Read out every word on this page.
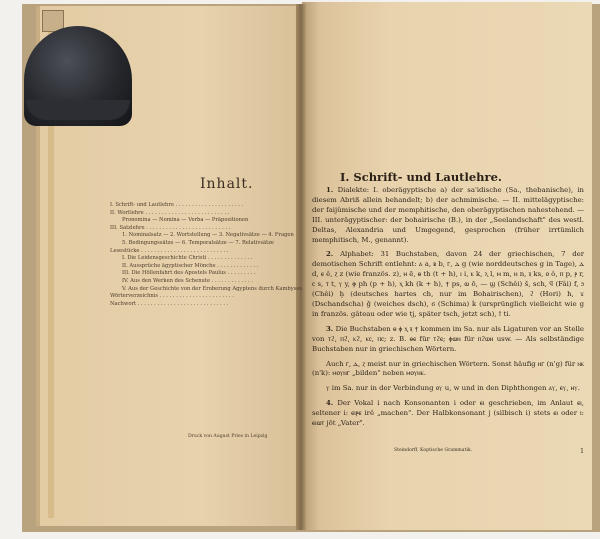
Inhalt.
I. Schrift- und Lautlehre . . . . . . . . . . . . . . . . . . . . .
II. Wortlehre . . . . . . . . . . . . . . . . . . . . . . . . . .
Pronomina — Nomina — Verba — Präpositionen
III. Satzlehre . . . . . . . . . . . . . . . . . . . . . . . . . .
1. Nominalsatz — 2. Wortstellung — 3. Negativsätze — 4. Fragen
5. Bedingungssätze — 6. Temporalsätze — 7. Relativsätze
Lesestücke . . . . . . . . . . . . . . . . . . . . . . . . . . .
I. Die Leidensgeschichte Christi . . . . . . . . . . . . . .
II. Aussprüche ägyptischer Mönche . . . . . . . . . . . . .
III. Die Höllenfahrt des Apostels Paulus . . . . . . . . .
IV. Aus den Werken des Schenute . . . . . . . . . . . . .
V. Aus der Geschichte von der Eroberung Ägyptens durch Kambyses
Wörterverzeichnis . . . . . . . . . . . . . . . . . . . . . . .
Nachwort . . . . . . . . . . . . . . . . . . . . . . . . . . . .
Druck von August Pries in Leipzig
I. Schrift- und Lautlehre.

1. Dialekte: I. oberägyptische a) der sa'idische (Sa., thebanische), in diesem Abriß allein behandelt; b) der achmimische. — II. mittelägyptische: der faijûmische und der memphitische, den oberägyptischen nahestehend. — III. unterägyptischer: der bohairische (B.), in der „Seelandschaft" des westl. Deltas, Alexandria und Umgegend, gesprochen (früher irrtümlich memphitisch, M., genannt).

2. Alphabet: 31 Buchstaben, davon 24 der griechischen, 7 der demotischen Schrift entlehnt: ⲁ a, ⲃ b, ⲅ, ⲇ g (wie norddeutsches g in Tage), ⲇ d, ⲉ ĕ, ⲍ z (wie französ. z), ⲏ ē, ⲑ th (t + h), ⲓ i, ⲕ k, ⲗ l, ⲙ m, ⲛ n, ⲝ ks, ⲟ ŏ, ⲡ p, ⲣ r, ⲥ s, ⲧ t, ⲩ y, ⲫ ph (p + h), ⲭ kh (k + h), ⲯ ps, ⲱ ō, — ϣ (Schêi) š, sch, ϥ (Fâi) f, ϧ (Chêi) ḫ (deutsches hartes ch, nur im Bohairischen), ϩ (Hori) h, ϫ (Dschandscha) ǧ (weiches dsch), ϭ (Schima) ḱ (ursprünglich vielleicht wie g in französ. gâteau oder wie tj, später tsch, jetzt sch), ϯ ti.

3. Die Buchstaben ⲑ ⲫ ⲭ ⲝ ⲯ kommen im Sa. nur als Ligaturen vor an Stelle von ⲧϩ, ⲡϩ, ⲕϩ, ⲕⲥ, ⲡⲥ; z. B. ⲑⲉ für ⲧϩⲉ; ⲫⲱⲛ für ⲡϩⲱⲛ usw. — Als selbständige Buchstaben nur in griechischen Wörtern.

Auch ⲅ, ⲇ, ⲍ meist nur in griechischen Wörtern. Sonst häufig ⲛⲅ (n'g) für ⲛⲕ (n'k): ⲙⲟⲩⲛⲅ „bilden" neben ⲙⲟⲩⲛⲕ.

ⲩ im Sa. nur in der Verbindung ⲟⲩ u, w und in den Diphthongen ⲁⲩ, ⲉⲩ, ⲏⲩ.

4. Der Vokal i nach Konsonanten i oder ⲉⲓ geschrieben, im Anlaut ⲉⲓ, seltener i: ⲉⲓⲣⲉ irĕ „machen". Der Halbkonsonant j (silbisch i) stets ⲉⲓ oder ⲓ: ⲉⲓⲱⲧ jōt „Vater".

Steindorff, Koptische Grammatik.	1
